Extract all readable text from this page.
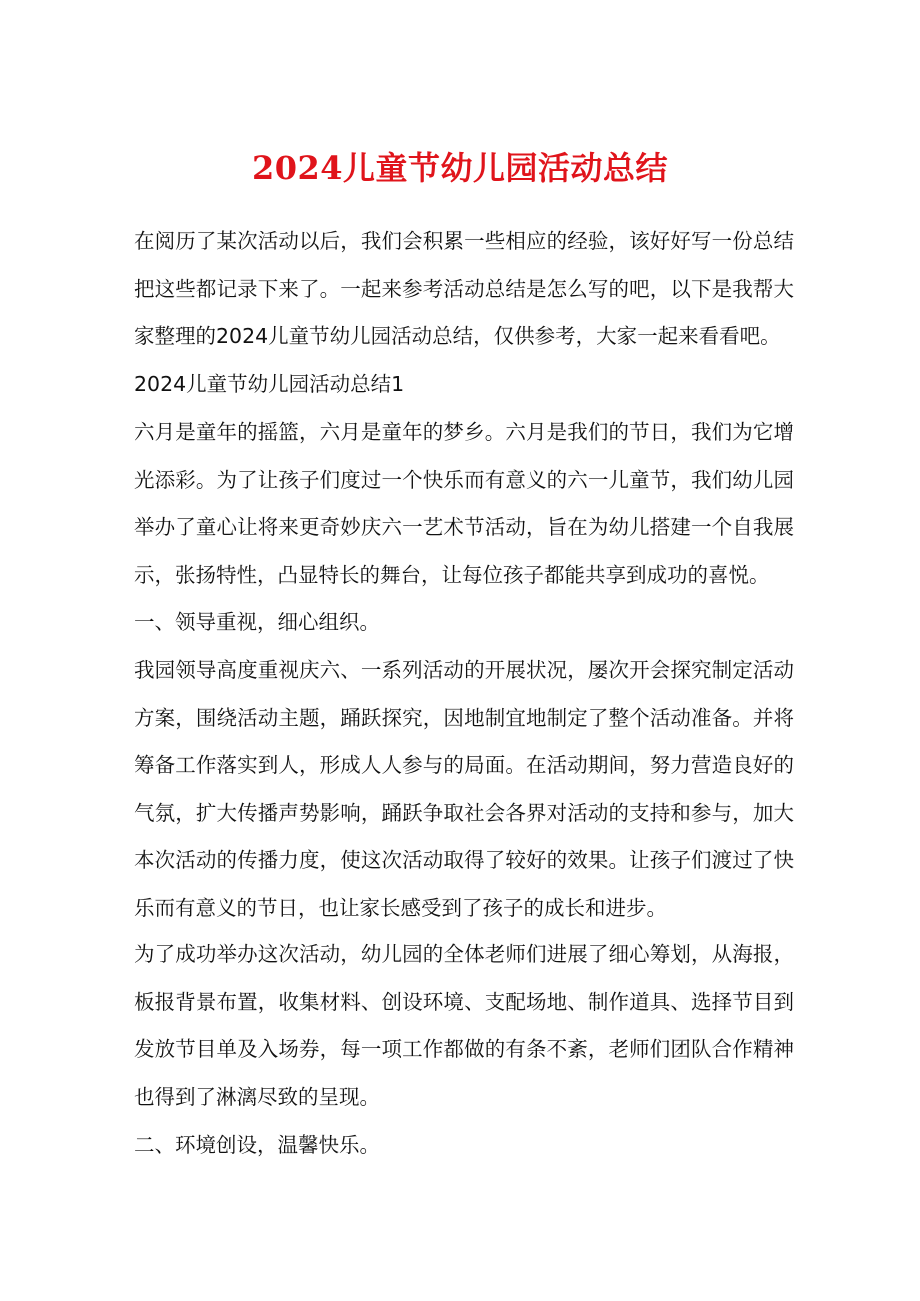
2024儿童节幼儿园活动总结

在阅历了某次活动以后，我们会积累一些相应的经验，该好好写一份总结把这些都记录下来了。一起来参考活动总结是怎么写的吧，以下是我帮大家整理的2024儿童节幼儿园活动总结，仅供参考，大家一起来看看吧。

2024儿童节幼儿园活动总结1

六月是童年的摇篮，六月是童年的梦乡。六月是我们的节日，我们为它增光添彩。为了让孩子们度过一个快乐而有意义的六一儿童节，我们幼儿园举办了童心让将来更奇妙庆六一艺术节活动，旨在为幼儿搭建一个自我展示，张扬特性，凸显特长的舞台，让每位孩子都能共享到成功的喜悦。

一、领导重视，细心组织。

我园领导高度重视庆六、一系列活动的开展状况，屡次开会探究制定活动方案，围绕活动主题，踊跃探究，因地制宜地制定了整个活动准备。并将筹备工作落实到人，形成人人参与的局面。在活动期间，努力营造良好的气氛，扩大传播声势影响，踊跃争取社会各界对活动的支持和参与，加大本次活动的传播力度，使这次活动取得了较好的效果。让孩子们渡过了快乐而有意义的节日，也让家长感受到了孩子的成长和进步。

为了成功举办这次活动，幼儿园的全体老师们进展了细心筹划，从海报，板报背景布置，收集材料、创设环境、支配场地、制作道具、选择节目到发放节目单及入场券，每一项工作都做的有条不紊，老师们团队合作精神也得到了淋漓尽致的呈现。

二、环境创设，温馨快乐。
